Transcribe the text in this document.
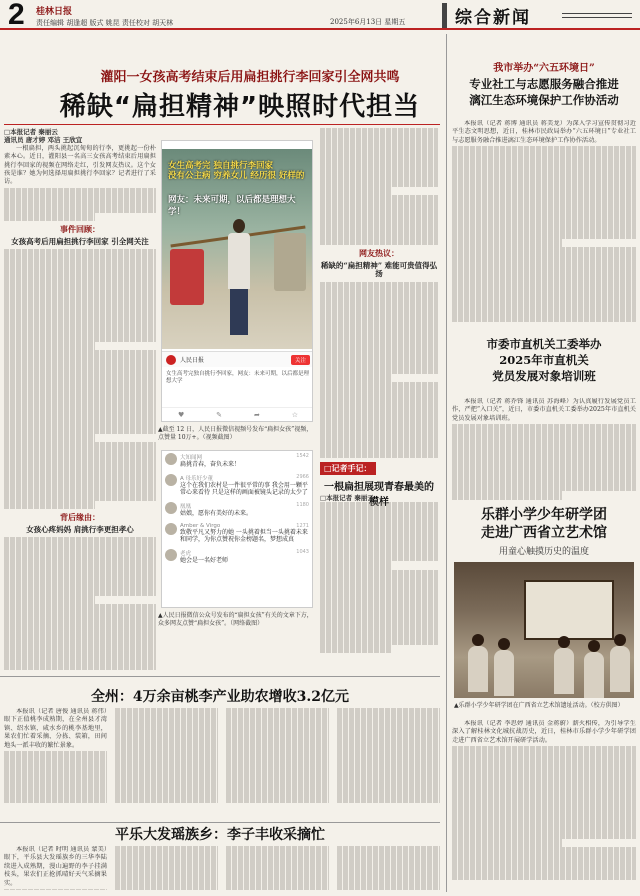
2 桂林日报
责任编辑 胡逢超 版式 姚昆 责任校对 胡天林	2025年6月13日 星期五	综合新闻
灌阳一女孩高考结束后用扁担挑行李回家引全网共鸣
稀缺“扁担精神”映照时代担当
□本报记者 秦丽云
通讯员 唐才婷 邓洁 王欣宜

一根扁担，两头挑起沉甸甸的行李，更挑起一份朴素本心。近日，灌阳县一名高三女孩高考结束后用扁担挑行李回家的视频在网络走红，引发网友热议。这个女孩是谁？她为何选择用扁担挑行李回家？记者进行了采访。

事件回顾：
女孩高考后用扁担挑行李回家 引全网关注
背后缘由：
女孩心疼妈妈 肩挑行李更担孝心
女生高考完 独自挑行李回家
没有公主病 穷养女儿 经历很 好样的
网友：未来可期，以后都是理想大学！
人民日报	关注
女生高考完独自挑行李回家，网友：未来可期，以后都是理想大学
♥	✎	➦	☆
▲截至 12 日，人民日报微信视频号发布“扁担女孩”视频，点赞量 10万+。（视频截图）
1542
大知闻网
扁挑青春，奋负未来！
2966
A 母乐好少董
这个在我们农村是一件很平常的事 我会用一颗平常心来看待 只是这样的画面被镜头记录的太少了
1180
凰凰
姑娘，愿你有美好的未来。
1271
Amber & Virgo
致敬平凡又努力的她 一头挑着担当一头挑着未来和同学，为你点赞祝你金榜题名，梦想成真
1043
老虎
她会是一名好老师
▲人民日报微信公众号发布的“扁担女孩”有关的文章下方，众多网友点赞“扁担女孩”。（网络截图）
网友热议：
稀缺的“扁担精神” 难能可贵值得弘扬
□记者手记：
一根扁担展现青春最美的模样
□本报记者 秦丽云
全州：4万余亩桃李产业助农增收3.2亿元

本报讯（记者 唐俊 通讯员 蒋伟）眼下正值桃李成熟期，在全州县才湾镇、绍水镇、咸水乡的桃李基地里，果农们忙着采摘、分拣、装箱，田间地头一派丰收的繁忙景象。

平乐大发瑶族乡：李子丰收采摘忙

本报讯（记者 时明 通讯员 蒙美）眼下，平乐县大发瑶族乡的三华李陆续进入成熟期，漫山遍野的李子挂满枝头，果农们正抢抓晴好天气采摘果实。

我市举办“六五环境日”
专业社工与志愿服务融合推进
漓江生态环境保护工作协活动

本报讯（记者 蒋博 通讯员 蒋美龙）为深入学习宣传贯彻习近平生态文明思想，近日，桂林市民政局举办“六五环境日”专业社工与志愿服务融合推进漓江生态环境保护工作协作活动。

市委市直机关工委举办
2025年市直机关
党员发展对象培训班

本报讯（记者 蒋乔锋 通讯员 苏海峰）为认真履行发展党员工作，严把“入口关”，近日，市委市直机关工委举办2025年市直机关党员发展对象培训班。

乐群小学少年研学团
走进广西省立艺术馆
用童心触摸历史的温度
▲乐群小学少年研学团在广西省立艺术馆遗址活动。（校方供图）

本报讯（记者 李思婷 通讯员 金蒋蔚）薪火相传，为引导学生深入了解桂林文化城抗战历史，近日，桂林市乐群小学少年研学团走进广西省立艺术馆开展研学活动。
